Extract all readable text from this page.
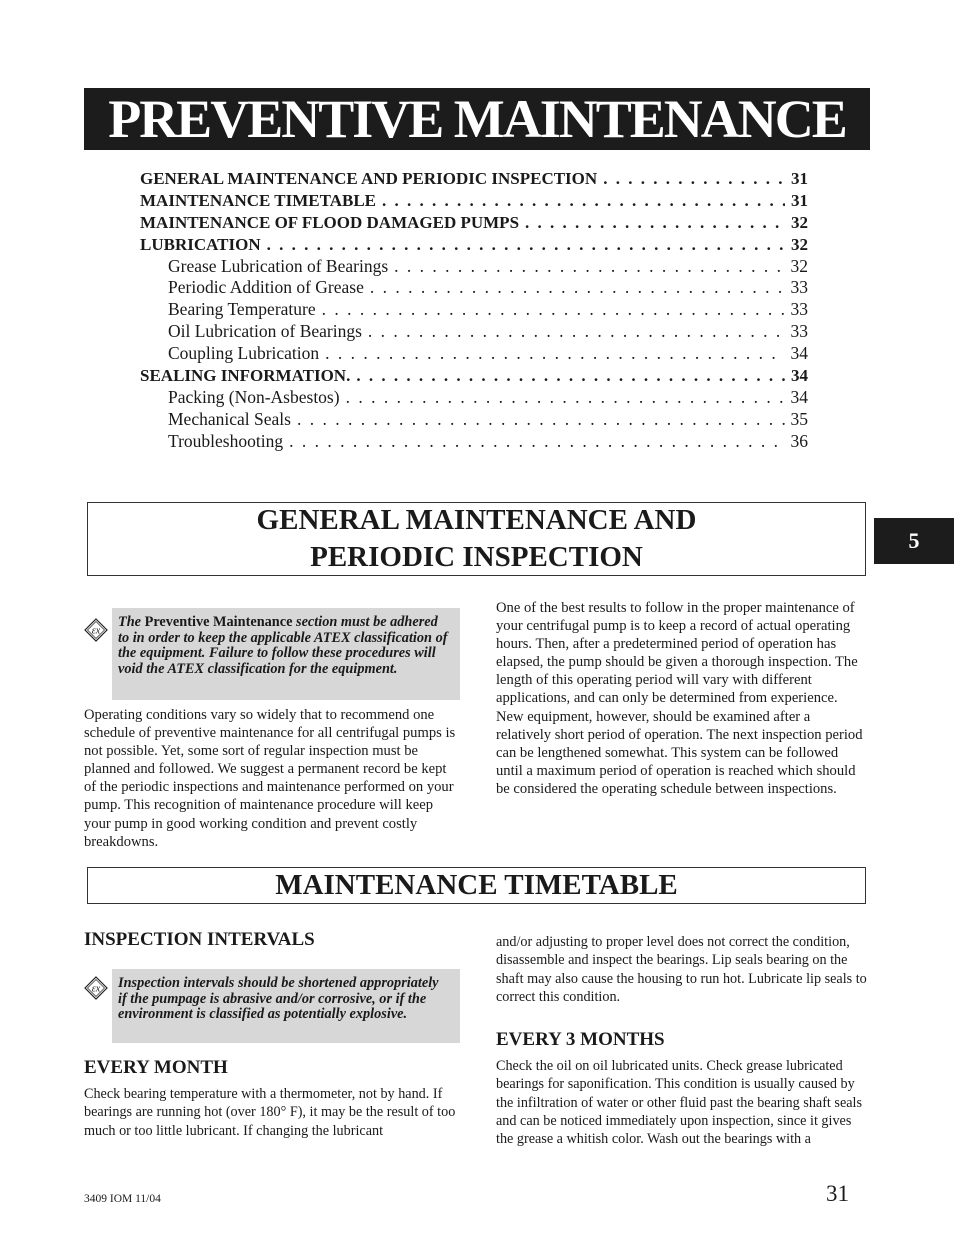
PREVENTIVE MAINTENANCE
GENERAL MAINTENANCE AND PERIODIC INSPECTION . . .	31
MAINTENANCE TIMETABLE . . .	31
MAINTENANCE OF FLOOD DAMAGED PUMPS . . .	32
LUBRICATION . . .	32
Grease Lubrication of Bearings . . .	32
Periodic Addition of Grease . . .	33
Bearing Temperature . . .	33
Oil Lubrication of Bearings . . .	33
Coupling Lubrication . . .	34
SEALING INFORMATION. . . .	34
Packing (Non-Asbestos) . . .	34
Mechanical Seals . . .	35
Troubleshooting . . .	36
GENERAL MAINTENANCE AND
PERIODIC INSPECTION
5
εx
The Preventive Maintenance section must be adhered to in order to keep the applicable ATEX classification of the equipment. Failure to follow these procedures will void the ATEX classification for the equipment.
Operating conditions vary so widely that to recommend one schedule of preventive maintenance for all centrifugal pumps is not possible. Yet, some sort of regular inspection must be planned and followed. We suggest a permanent record be kept of the periodic inspections and maintenance performed on your pump. This recognition of maintenance procedure will keep your pump in good working condition and prevent costly breakdowns.
One of the best results to follow in the proper maintenance of your centrifugal pump is to keep a record of actual operating hours. Then, after a predetermined period of operation has elapsed, the pump should be given a thorough inspection. The length of this operating period will vary with different applications, and can only be determined from experience. New equipment, however, should be examined after a relatively short period of operation. The next inspection period can be lengthened somewhat. This system can be followed until a maximum period of operation is reached which should be considered the operating schedule between inspections.
MAINTENANCE TIMETABLE
INSPECTION INTERVALS
εx	Inspection intervals should be shortened appropriately if the pumpage is abrasive and/or corrosive, or if the environment is classified as potentially explosive.
EVERY MONTH
Check bearing temperature with a thermometer, not by hand. If bearings are running hot (over 180° F), it may be the result of too much or too little lubricant. If changing the lubricant
and/or adjusting to proper level does not correct the condition, disassemble and inspect the bearings. Lip seals bearing on the shaft may also cause the housing to run hot. Lubricate lip seals to correct this condition.
EVERY 3 MONTHS
Check the oil on oil lubricated units. Check grease lubricated bearings for saponification. This condition is usually caused by the infiltration of water or other fluid past the bearing shaft seals and can be noticed immediately upon inspection, since it gives the grease a whitish color. Wash out the bearings with a
3409 IOM 11/04	31
